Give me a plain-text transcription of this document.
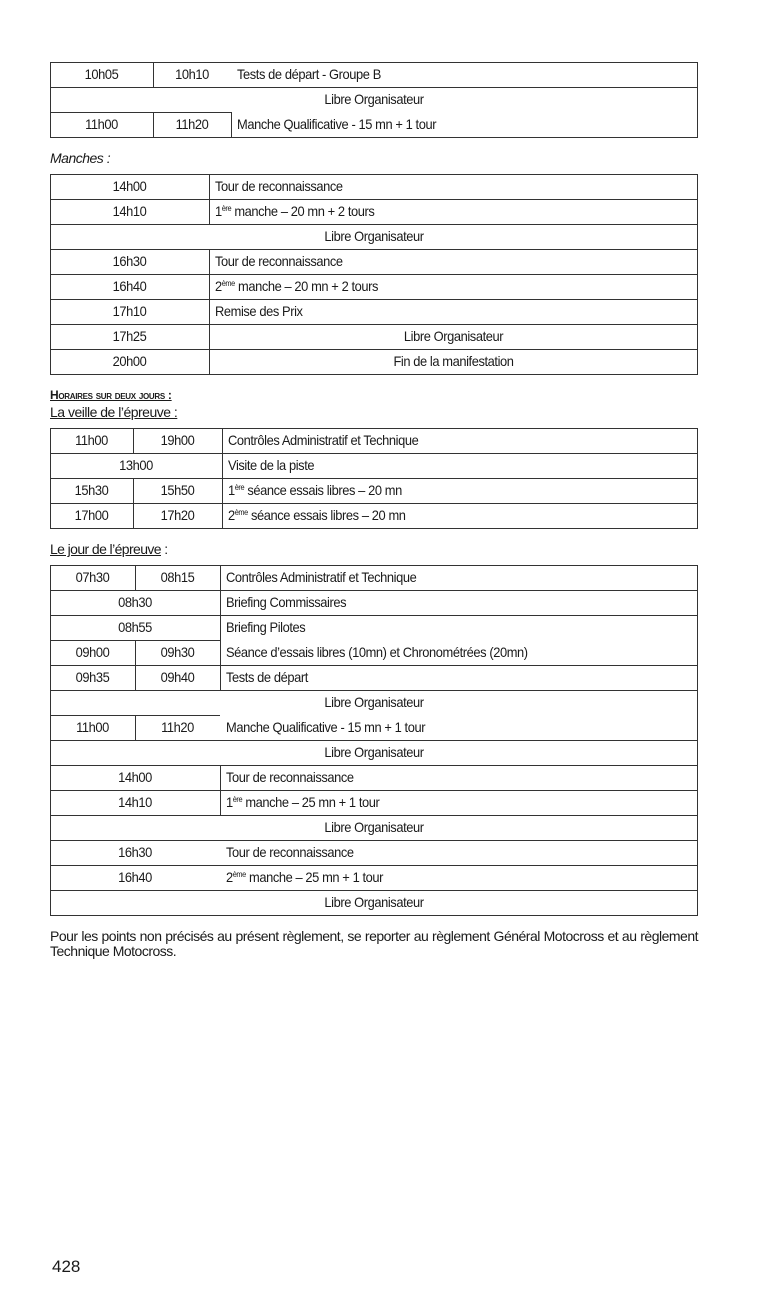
10h05	10h10	Tests de départ - Groupe B
Libre Organisateur
11h00	11h20	Manche Qualificative - 15 mn + 1 tour
Manches :
14h00	Tour de reconnaissance
14h10	1ère manche – 20 mn + 2 tours
Libre Organisateur
16h30	Tour de reconnaissance
16h40	2ème manche – 20 mn + 2 tours
17h10	Remise des Prix
17h25	Libre Organisateur
20h00	Fin de la manifestation
Horaires sur deux jours :
La veille de l’épreuve :
11h00	19h00	Contrôles Administratif et Technique
13h00	Visite de la piste
15h30	15h50	1ère séance essais libres – 20 mn
17h00	17h20	2ème séance essais libres – 20 mn
Le jour de l’épreuve :
07h30	08h15	Contrôles Administratif et Technique
08h30	Briefing Commissaires
08h55	Briefing Pilotes
09h00	09h30	Séance d’essais libres (10mn) et Chronométrées (20mn)
09h35	09h40	Tests de départ
Libre Organisateur
11h00	11h20	Manche Qualificative - 15 mn + 1 tour
Libre Organisateur
14h00	Tour de reconnaissance
14h10	1ère manche – 25 mn + 1 tour
Libre Organisateur
16h30	Tour de reconnaissance
16h40	2ème manche – 25 mn + 1 tour
Libre Organisateur

Pour les points non précisés au présent règlement, se reporter au règlement Général Motocross et au règlement Technique Motocross.

428
